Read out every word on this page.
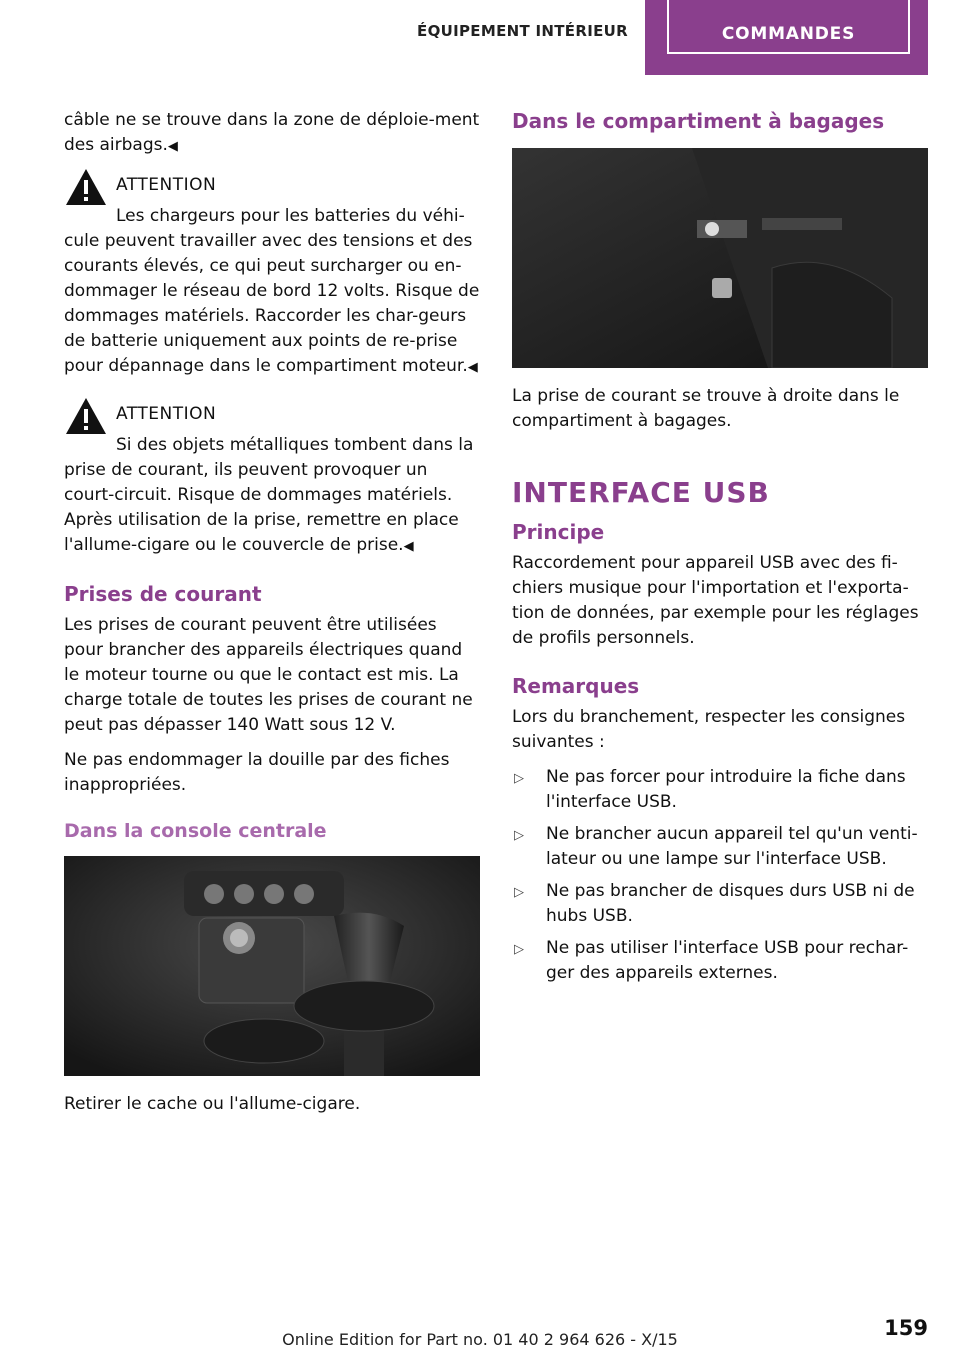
ÉQUIPEMENT INTÉRIEUR	COMMANDES

câble ne se trouve dans la zone de déploie-ment des airbags.◀

ATTENTION

Les chargeurs pour les batteries du véhi-cule peuvent travailler avec des tensions et des courants élevés, ce qui peut surcharger ou en-dommager le réseau de bord 12 volts. Risque de dommages matériels. Raccorder les char-geurs de batterie uniquement aux points de re-prise pour dépannage dans le compartiment moteur.◀

ATTENTION

Si des objets métalliques tombent dans la prise de courant, ils peuvent provoquer un court-circuit. Risque de dommages matériels. Après utilisation de la prise, remettre en place l'allume-cigare ou le couvercle de prise.◀

Prises de courant

Les prises de courant peuvent être utilisées pour brancher des appareils électriques quand le moteur tourne ou que le contact est mis. La charge totale de toutes les prises de courant ne peut pas dépasser 140 Watt sous 12 V.

Ne pas endommager la douille par des fiches inappropriées.

Dans la console centrale

Retirer le cache ou l'allume-cigare.

Dans le compartiment à bagages

La prise de courant se trouve à droite dans le compartiment à bagages.

INTERFACE USB
Principe

Raccordement pour appareil USB avec des fi-chiers musique pour l'importation et l'exporta-tion de données, par exemple pour les réglages de profils personnels.

Remarques

Lors du branchement, respecter les consignes suivantes :

▷ Ne pas forcer pour introduire la fiche dans l'interface USB.
▷ Ne brancher aucun appareil tel qu'un venti-lateur ou une lampe sur l'interface USB.
▷ Ne pas brancher de disques durs USB ni de hubs USB.
▷ Ne pas utiliser l'interface USB pour rechar-ger des appareils externes.
159
Online Edition for Part no. 01 40 2 964 626 - X/15
